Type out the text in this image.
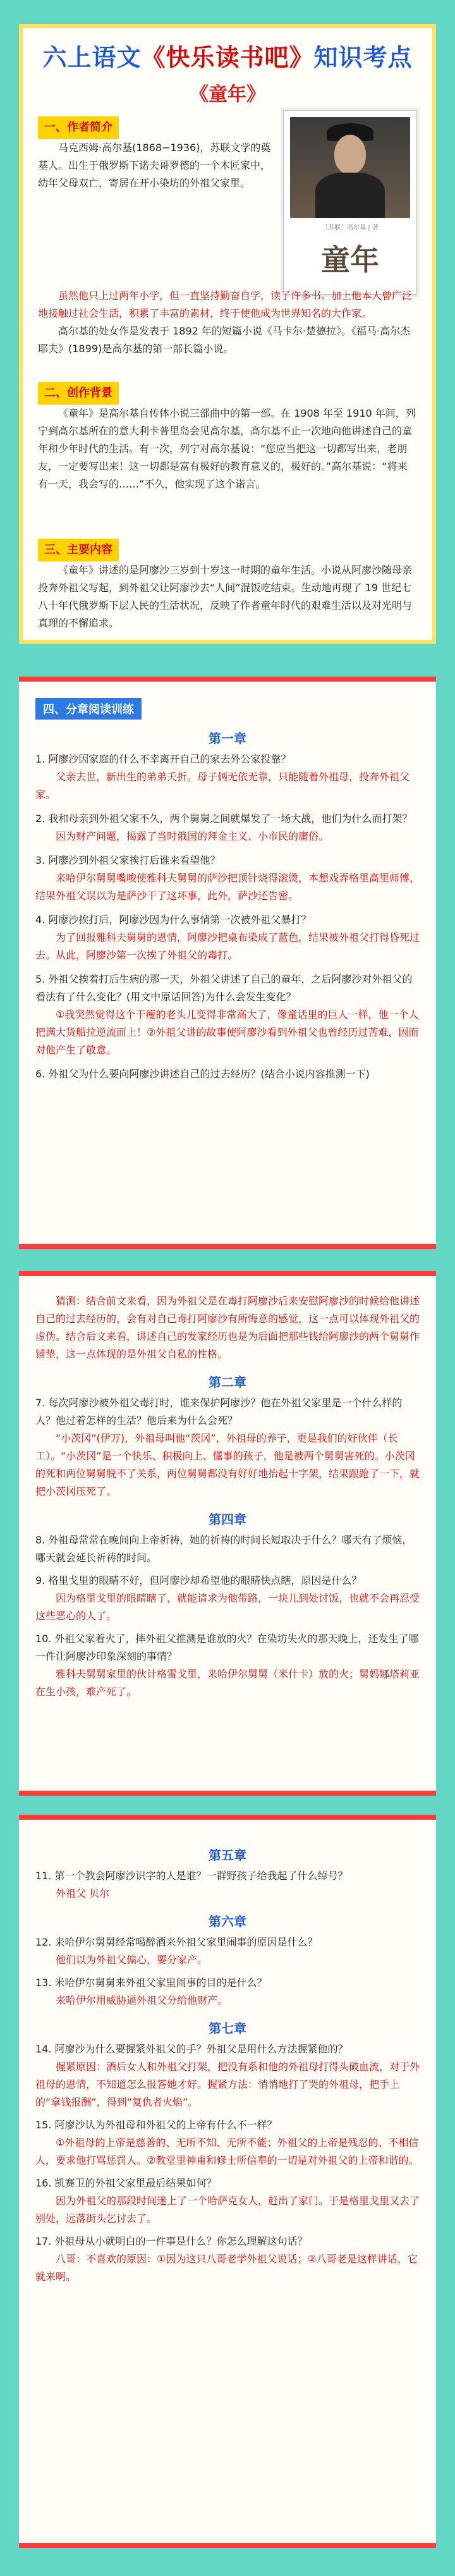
六上语文《快乐读书吧》知识考点
《童年》
［苏联］高尔基 | 著
童年
一、作者简介

马克西姆·高尔基(1868−1936)，苏联文学的奠基人。出生于俄罗斯下诺夫哥罗德的一个木匠家中，幼年父母双亡，寄居在开小染坊的外祖父家里。

虽然他只上过两年小学，但一直坚持勤奋自学，读了许多书。加上他本人曾广泛地接触过社会生活，积累了丰富的素材，终于使他成为世界知名的大作家。

高尔基的处女作是发表于 1892 年的短篇小说《马卡尔·楚德拉》。《福马·高尔杰耶夫》(1899)是高尔基的第一部长篇小说。

二、创作背景

《童年》是高尔基自传体小说三部曲中的第一部。在 1908 年至 1910 年间，列宁到高尔基所在的意大利卡普里岛会见高尔基，高尔基不止一次地向他讲述自己的童年和少年时代的生活。有一次，列宁对高尔基说：“您应当把这一切都写出来，老朋友，一定要写出来！这一切都是富有极好的教育意义的，极好的。”高尔基说：“将来有一天，我会写的……”不久，他实现了这个诺言。

三、主要内容

《童年》讲述的是阿廖沙三岁到十岁这一时期的童年生活。小说从阿廖沙随母亲投奔外祖父写起，到外祖父让阿廖沙去“人间”混饭吃结束。生动地再现了 19 世纪七八十年代俄罗斯下层人民的生活状况，反映了作者童年时代的艰难生活以及对光明与真理的不懈追求。

四、分章阅读训练
第一章
1. 阿廖沙因家庭的什么不幸离开自己的家去外公家投靠？
父亲去世，新出生的弟弟夭折。母子俩无依无靠，只能随着外祖母，投奔外祖父家。
2. 我和母亲到外祖父家不久，两个舅舅之间就爆发了一场大战，他们为什么而打架？
因为财产问题，揭露了当时俄国的拜金主义、小市民的庸俗。
3. 阿廖沙到外祖父家挨打后谁来看望他？
来哈伊尔舅舅嘴唆使雅科夫舅舅的萨沙把顶针烧得滚烫，本想戏弄格里高里师傅，结果外祖父误以为是萨沙干了这坏事，此外，萨沙还告密。
4. 阿廖沙挨打后，阿廖沙因为什么事情第一次被外祖父暴打？
为了回报雅科夫舅舅的恩情，阿廖沙把桌布染成了蓝色，结果被外祖父打得昏死过去。从此，阿廖沙第一次挨了外祖父的毒打。
5. 外祖父挨着打后生病的那一天，外祖父讲述了自己的童年，之后阿廖沙对外祖父的看法有了什么变化？(用文中原话回答)为什么会发生变化？
①我突然觉得这个干瘦的老头儿变得非常高大了，像童话里的巨人一样，他一个人把满大货船拉逆流而上！②外祖父讲的故事使阿廖沙看到外祖父也曾经历过苦难，因而对他产生了敬意。
6. 外祖父为什么要向阿廖沙讲述自己的过去经历？(结合小说内容推测一下)
猜测：结合前文来看，因为外祖父是在毒打阿廖沙后来安慰阿廖沙的时候给他讲述自己的过去经历的，会有对自己毒打阿廖沙有所悔意的感觉，这一点可以体现外祖父的虚伪。结合后文来看，讲述自己的发家经历也是为后面把那些钱给阿廖沙的两个舅舅作铺垫，这一点体现的是外祖父自私的性格。
第二章
7. 每次阿廖沙被外祖父毒打时，谁来保护阿廖沙？他在外祖父家里是一个什么样的人？他过着怎样的生活？他后来为什么会死？
“小茨冈”(伊万)，外祖母叫他“茨冈”，外祖母的养子，更是我们的好伙伴（长工）。“小茨冈”是一个快乐、积极向上、懂事的孩子，他是被两个舅舅害死的。小茨冈的死和两位舅舅脱不了关系，两位舅舅都没有好好地抬起十字架，结果跟跄了一下，就把小茨冈压死了。
第四章
8. 外祖母常常在晚间向上帝祈祷，她的祈祷的时间长短取决于什么？哪天有了烦恼，哪天就会延长祈祷的时间。
9. 格里戈里的眼睛不好，但阿廖沙却希望他的眼睛快点瞎，原因是什么？
因为格里戈里的眼睛瞎了，就能请求为他带路，一块儿到处讨饭，也就不会再忍受这些恶心的人了。
10. 外祖父家着火了，摔外祖父推测是谁放的火？在染坊失火的那天晚上，还发生了哪一件让阿廖沙印象深刻的事情？
雅科夫舅舅家里的伙计格雷戈里，来哈伊尔舅舅（米什卡）放的火；舅妈娜塔莉亚在生小孩，难产死了。
第五章
11. 第一个教会阿廖沙识字的人是谁？一群野孩子给我起了什么绰号？
外祖父 贝尔
第六章
12. 来哈伊尔舅舅经常喝醉酒来外祖父家里闹事的原因是什么？
他们以为外祖父偏心，要分家产。
13. 米哈伊尔舅舅来外祖父家里闹事的目的是什么？
来哈伊尔用威胁逼外祖父分给他财产。
第七章
14. 阿廖沙为什么要握紧外祖父的手？外祖父是用什么方法握紧他的？
握紧原因：酒后女人和外祖父打架，把没有系和他的外祖母打得头破血流，对于外祖母的恩情，不知道怎么报答她才好。握紧方法：悄悄地打了哭的外祖母，把手上的“拿钱报酬”，得到“复仇者火焰”。
15. 阿廖沙认为外祖母和外祖父的上帝有什么不一样？
①外祖母的上帝是慈善的、无所不知、无所不能；外祖父的上帝是残忍的、不相信人，要求他打骂惩罚人。②教堂里神甫和修士所信奉的一切是对外祖父的上帝和谐的。
16. 凯赛卫的外祖父家里最后结果如何？
因为外祖父的那段时间迷上了一个哈萨克女人，赶出了家门。于是格里戈里又去了别处，远落街头乞讨去了。
17. 外祖母从小就明白的一件事是什么？你怎么理解这句话？
八哥：不喜欢的原因：①因为这只八哥老学外祖父说话；②八哥老是这样讲话，它就来啊。
